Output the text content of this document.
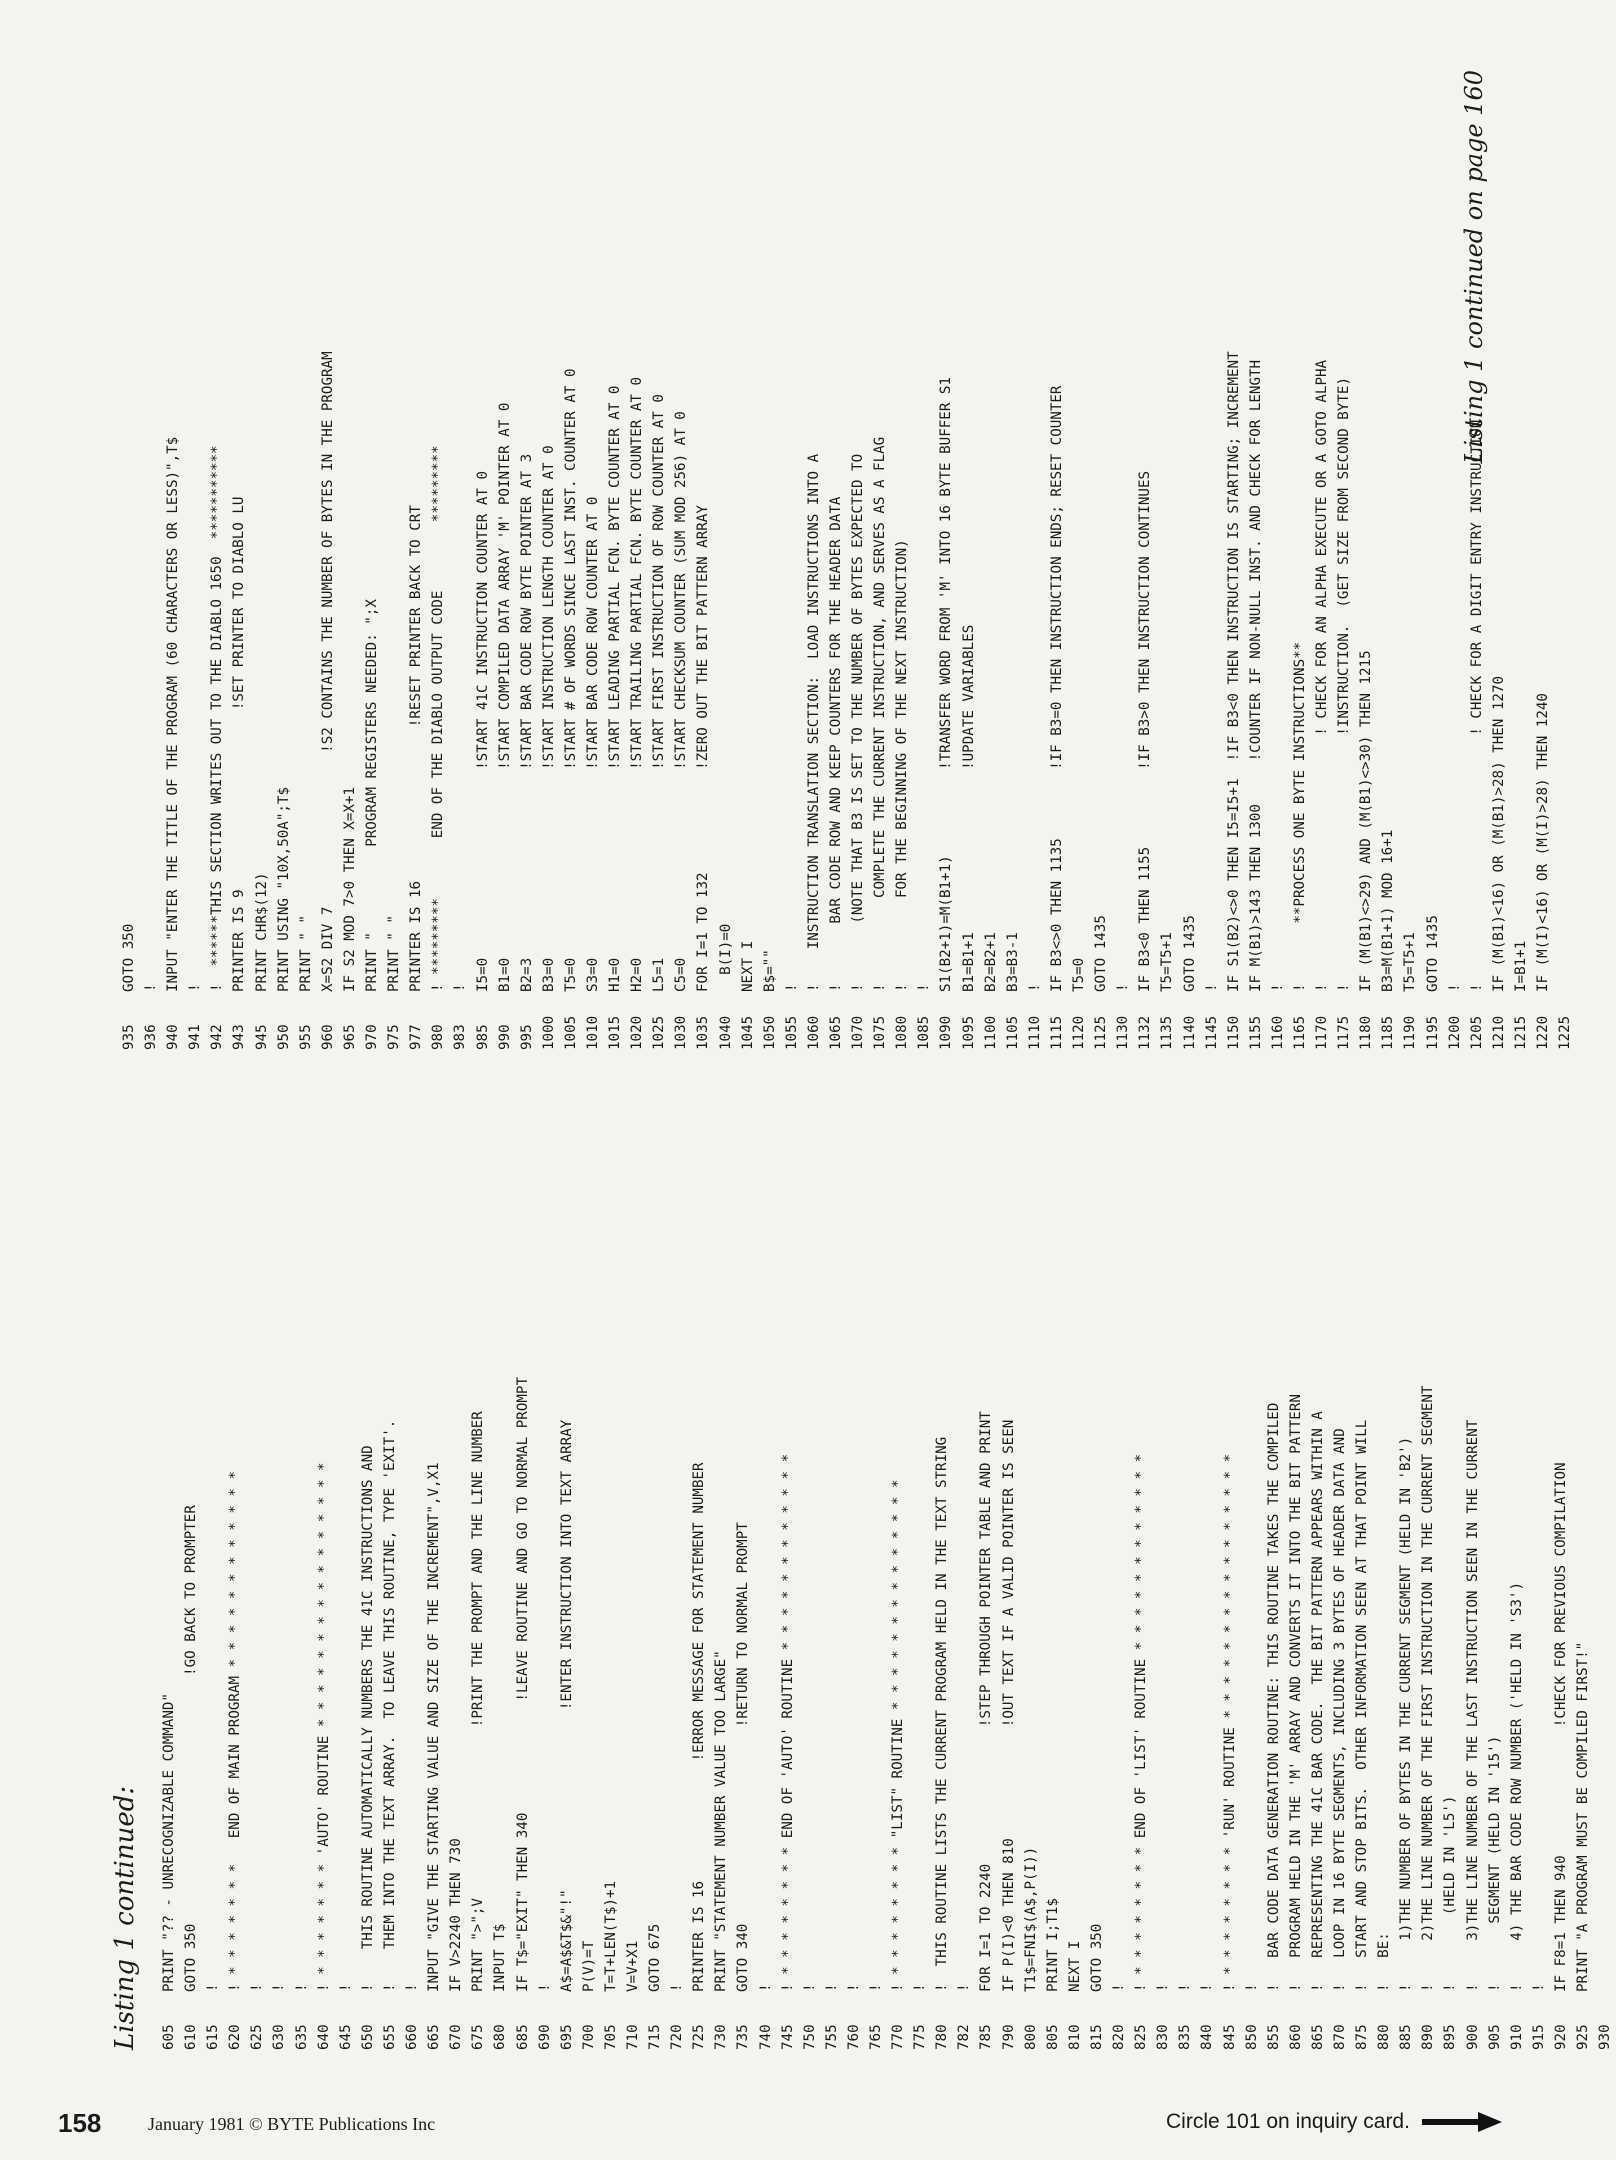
Listing 1 continued: 605
PRINT "?? - UNRECOGNIZABLE COMMAND"
610
GOTO 350                             !GO BACK TO PROMPTER
615
!
620
! * * * * * * *   END OF MAIN PROGRAM * * * * * * * * * * * *
625
!
630
!
635
!
640
! * * * * * * * 'AUTO' ROUTINE * * * * * * * * * * * * * * * *
645
!
650
!    THIS ROUTINE AUTOMATICALLY NUMBERS THE 41C INSTRUCTIONS AND
655
!    THEM INTO THE TEXT ARRAY.  TO LEAVE THIS ROUTINE, TYPE 'EXIT'.
660
!
665
INPUT "GIVE THE STARTING VALUE AND SIZE OF THE INCREMENT",V,X1
670
IF V>2240 THEN 730
675
PRINT ">";V                    !PRINT THE PROMPT AND THE LINE NUMBER
680
INPUT T$
685
IF T$="EXIT" THEN 340             !LEAVE ROUTINE AND GO TO NORMAL PROMPT
690
!
695
A$=A$&T$&"!"                     !ENTER INSTRUCTION INTO TEXT ARRAY
700
P(V)=T
705
T=T+LEN(T$)+1
710
V=V+X1
715
GOTO 675
720
!
725
PRINTER IS 16              !ERROR MESSAGE FOR STATEMENT NUMBER
730
PRINT "STATEMENT NUMBER VALUE TOO LARGE"
735
GOTO 340                       !RETURN TO NORMAL PROMPT
740
!
745
! * * * * * * * * END OF 'AUTO' ROUTINE * * * * * * * * * * * *
750
!
755
!
760
!
765
!
770
! * * * * * * * * "LIST" ROUTINE * * * * * * * * * * * * * *
775
!
780
!  THIS ROUTINE LISTS THE CURRENT PROGRAM HELD IN THE TEXT STRING
782
!
785
FOR I=1 TO 2240                !STEP THROUGH POINTER TABLE AND PRINT
790
IF P(I)<0 THEN 810             !OUT TEXT IF A VALID POINTER IS SEEN
800
T1$=FNI$(A$,P(I))
805
PRINT I;T1$
810
NEXT I
815
GOTO 350
820
!
825
! * * * * * * * * END OF 'LIST' ROUTINE * * * * * * * * * * * *
830
!
835
!
840
!
845
! * * * * * * * * 'RUN' ROUTINE * * * * * * * * * * * * * * * *
850
!
855
!   BAR CODE DATA GENERATION ROUTINE: THIS ROUTINE TAKES THE COMPILED
860
!   PROGRAM HELD IN THE 'M' ARRAY AND CONVERTS IT INTO THE BIT PATTERN
865
!   REPRESENTING THE 41C BAR CODE.  THE BIT PATTERN APPEARS WITHIN A
870
!   LOOP IN 16 BYTE SEGMENTS, INCLUDING 3 BYTES OF HEADER DATA AND
875
!   START AND STOP BITS.  OTHER INFORMATION SEEN AT THAT POINT WILL
880
!   BE:
885
!     1)THE NUMBER OF BYTES IN THE CURRENT SEGMENT (HELD IN 'B2')
890
!     2)THE LINE NUMBER OF THE FIRST INSTRUCTION IN THE CURRENT SEGMENT
895
!        (HELD IN 'L5')
900
!     3)THE LINE NUMBER OF THE LAST INSTRUCTION SEEN IN THE CURRENT
905
!       SEGMENT (HELD IN '15')
910
!     4) THE BAR CODE ROW NUMBER ('HELD IN 'S3')
915
!
920
IF F8=1 THEN 940               !CHECK FOR PREVIOUS COMPILATION
925
PRINT "A PROGRAM MUST BE COMPILED FIRST!"
930
935
GOTO 350
936
!
940
INPUT "ENTER THE TITLE OF THE PROGRAM (60 CHARACTERS OR LESS)",T$
941
!
942
!  ******THIS SECTION WRITES OUT TO THE DIABLO 1650  ***********
943
PRINTER IS 9                     !SET PRINTER TO DIABLO LU
945
PRINT CHR$(12)
950
PRINT USING "10X,50A";T$
955
PRINT " "
960
X=S2 DIV 7                  !S2 CONTAINS THE NUMBER OF BYTES IN THE PROGRAM
965
IF S2 MOD 7>0 THEN X=X+1
970
PRINT "          PROGRAM REGISTERS NEEDED: ";X
975
PRINT " "
977
PRINTER IS 16                  !RESET PRINTER BACK TO CRT
980
! *********       END OF THE DIABLO OUTPUT CODE        *********
983
!
985
I5=0                      !START 41C INSTRUCTION COUNTER AT 0
990
B1=0                      !START COMPILED DATA ARRAY 'M' POINTER AT 0
995
B2=3                      !START BAR CODE ROW BYTE POINTER AT 3
1000
B3=0                      !START INSTRUCTION LENGTH COUNTER AT 0
1005
T5=0                      !START # OF WORDS SINCE LAST INST. COUNTER AT 0
1010
S3=0                      !START BAR CODE ROW COUNTER AT 0
1015
H1=0                      !START LEADING PARTIAL FCN. BYTE COUNTER AT 0
1020
H2=0                      !START TRAILING PARTIAL FCN. BYTE COUNTER AT 0
1025
L5=1                      !START FIRST INSTRUCTION OF ROW COUNTER AT 0
1030
C5=0                      !START CHECKSUM COUNTER (SUM MOD 256) AT 0
1035
FOR I=1 TO 132            !ZERO OUT THE BIT PATTERN ARRAY
1040
B(I)=0
1045
NEXT I
1050
B$=""
1055
!
1060
!    INSTRUCTION TRANSLATION SECTION:  LOAD INSTRUCTIONS INTO A
1065
!       BAR CODE ROW AND KEEP COUNTERS FOR THE HEADER DATA
1070
!       (NOTE THAT B3 IS SET TO THE NUMBER OF BYTES EXPECTED TO
1075
!          COMPLETE THE CURRENT INSTRUCTION, AND SERVES AS A FLAG
1080
!          FOR THE BEGINNING OF THE NEXT INSTRUCTION)
1085
!
1090
S1(B2+1)=M(B1+1)          !TRANSFER WORD FROM 'M' INTO 16 BYTE BUFFER S1
1095
B1=B1+1                   !UPDATE VARIABLES
1100
B2=B2+1
1105
B3=B3-1
1110
!
1115
IF B3<>0 THEN 1135        !IF B3=0 THEN INSTRUCTION ENDS; RESET COUNTER
1120
T5=0
1125
GOTO 1435
1130
!
1132
IF B3<0 THEN 1155         !IF B3>0 THEN INSTRUCTION CONTINUES
1135
T5=T5+1
1140
GOTO 1435
1145
!
1150
IF S1(B2)<>0 THEN I5=I5+1  !IF B3<0 THEN INSTRUCTION IS STARTING; INCREMENT
1155
IF M(B1)>143 THEN 1300     !COUNTER IF NON-NULL INST. AND CHECK FOR LENGTH
1160
!
1165
!       **PROCESS ONE BYTE INSTRUCTIONS**
1170
!                             ! CHECK FOR AN ALPHA EXECUTE OR A GOTO ALPHA
1175
!                             !INSTRUCTION.  (GET SIZE FROM SECOND BYTE)
1180
IF (M(B1)<>29) AND (M(B1)<>30) THEN 1215
1185
B3=M(B1+1) MOD 16+1
1190
T5=T5+1
1195
GOTO 1435
1200
!
1205
!                             ! CHECK FOR A DIGIT ENTRY INSTRUCTION
1210
IF (M(B1)<16) OR (M(B1)>28) THEN 1270
1215
I=B1+1
1220
IF (M(I)<16) OR (M(I)>28) THEN 1240
1225
Listing 1 continued on page 160
158	January 1981 © BYTE Publications Inc	Circle 101 on inquiry card.
